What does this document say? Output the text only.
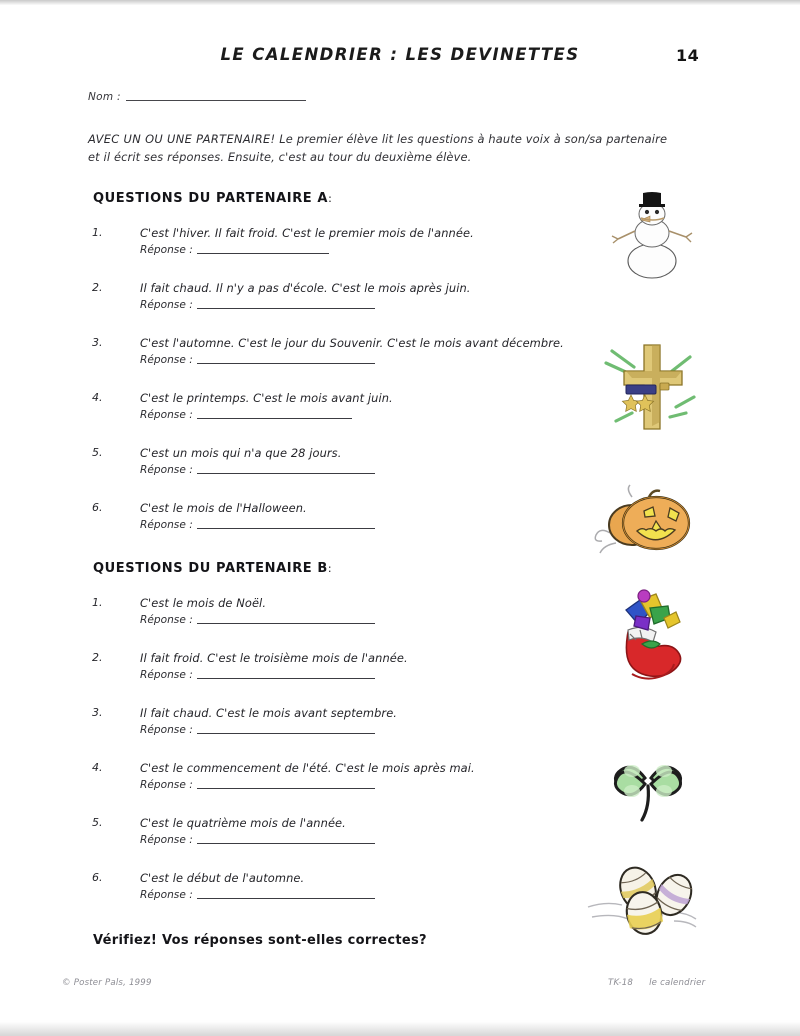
LE CALENDRIER : LES DEVINETTES	14
Nom :
AVEC UN OU UNE PARTENAIRE! Le premier élève lit les questions à haute voix à son/sa partenaire et il écrit ses réponses. Ensuite, c'est au tour du deuxième élève.
QUESTIONS DU PARTENAIRE A:
1.	C'est l'hiver. Il fait froid. C'est le premier mois de l'année.
Réponse :
2.	Il fait chaud. Il n'y a pas d'école. C'est le mois après juin.
Réponse :
3.	C'est l'automne. C'est le jour du Souvenir. C'est le mois avant décembre.
Réponse :
4.	C'est le printemps. C'est le mois avant juin.
Réponse :
5.	C'est un mois qui n'a que 28 jours.
Réponse :
6.	C'est le mois de l'Halloween.
Réponse :
QUESTIONS DU PARTENAIRE B:
1.	C'est le mois de Noël.
Réponse :
2.	Il fait froid. C'est le troisième mois de l'année.
Réponse :
3.	Il fait chaud. C'est le mois avant septembre.
Réponse :
4.	C'est le commencement de l'été. C'est le mois après mai.
Réponse :
5.	C'est le quatrième mois de l'année.
Réponse :
6.	C'est le début de l'automne.
Réponse :
Vérifiez! Vos réponses sont-elles correctes?
© Poster Pals, 1999	TK-18 le calendrier
